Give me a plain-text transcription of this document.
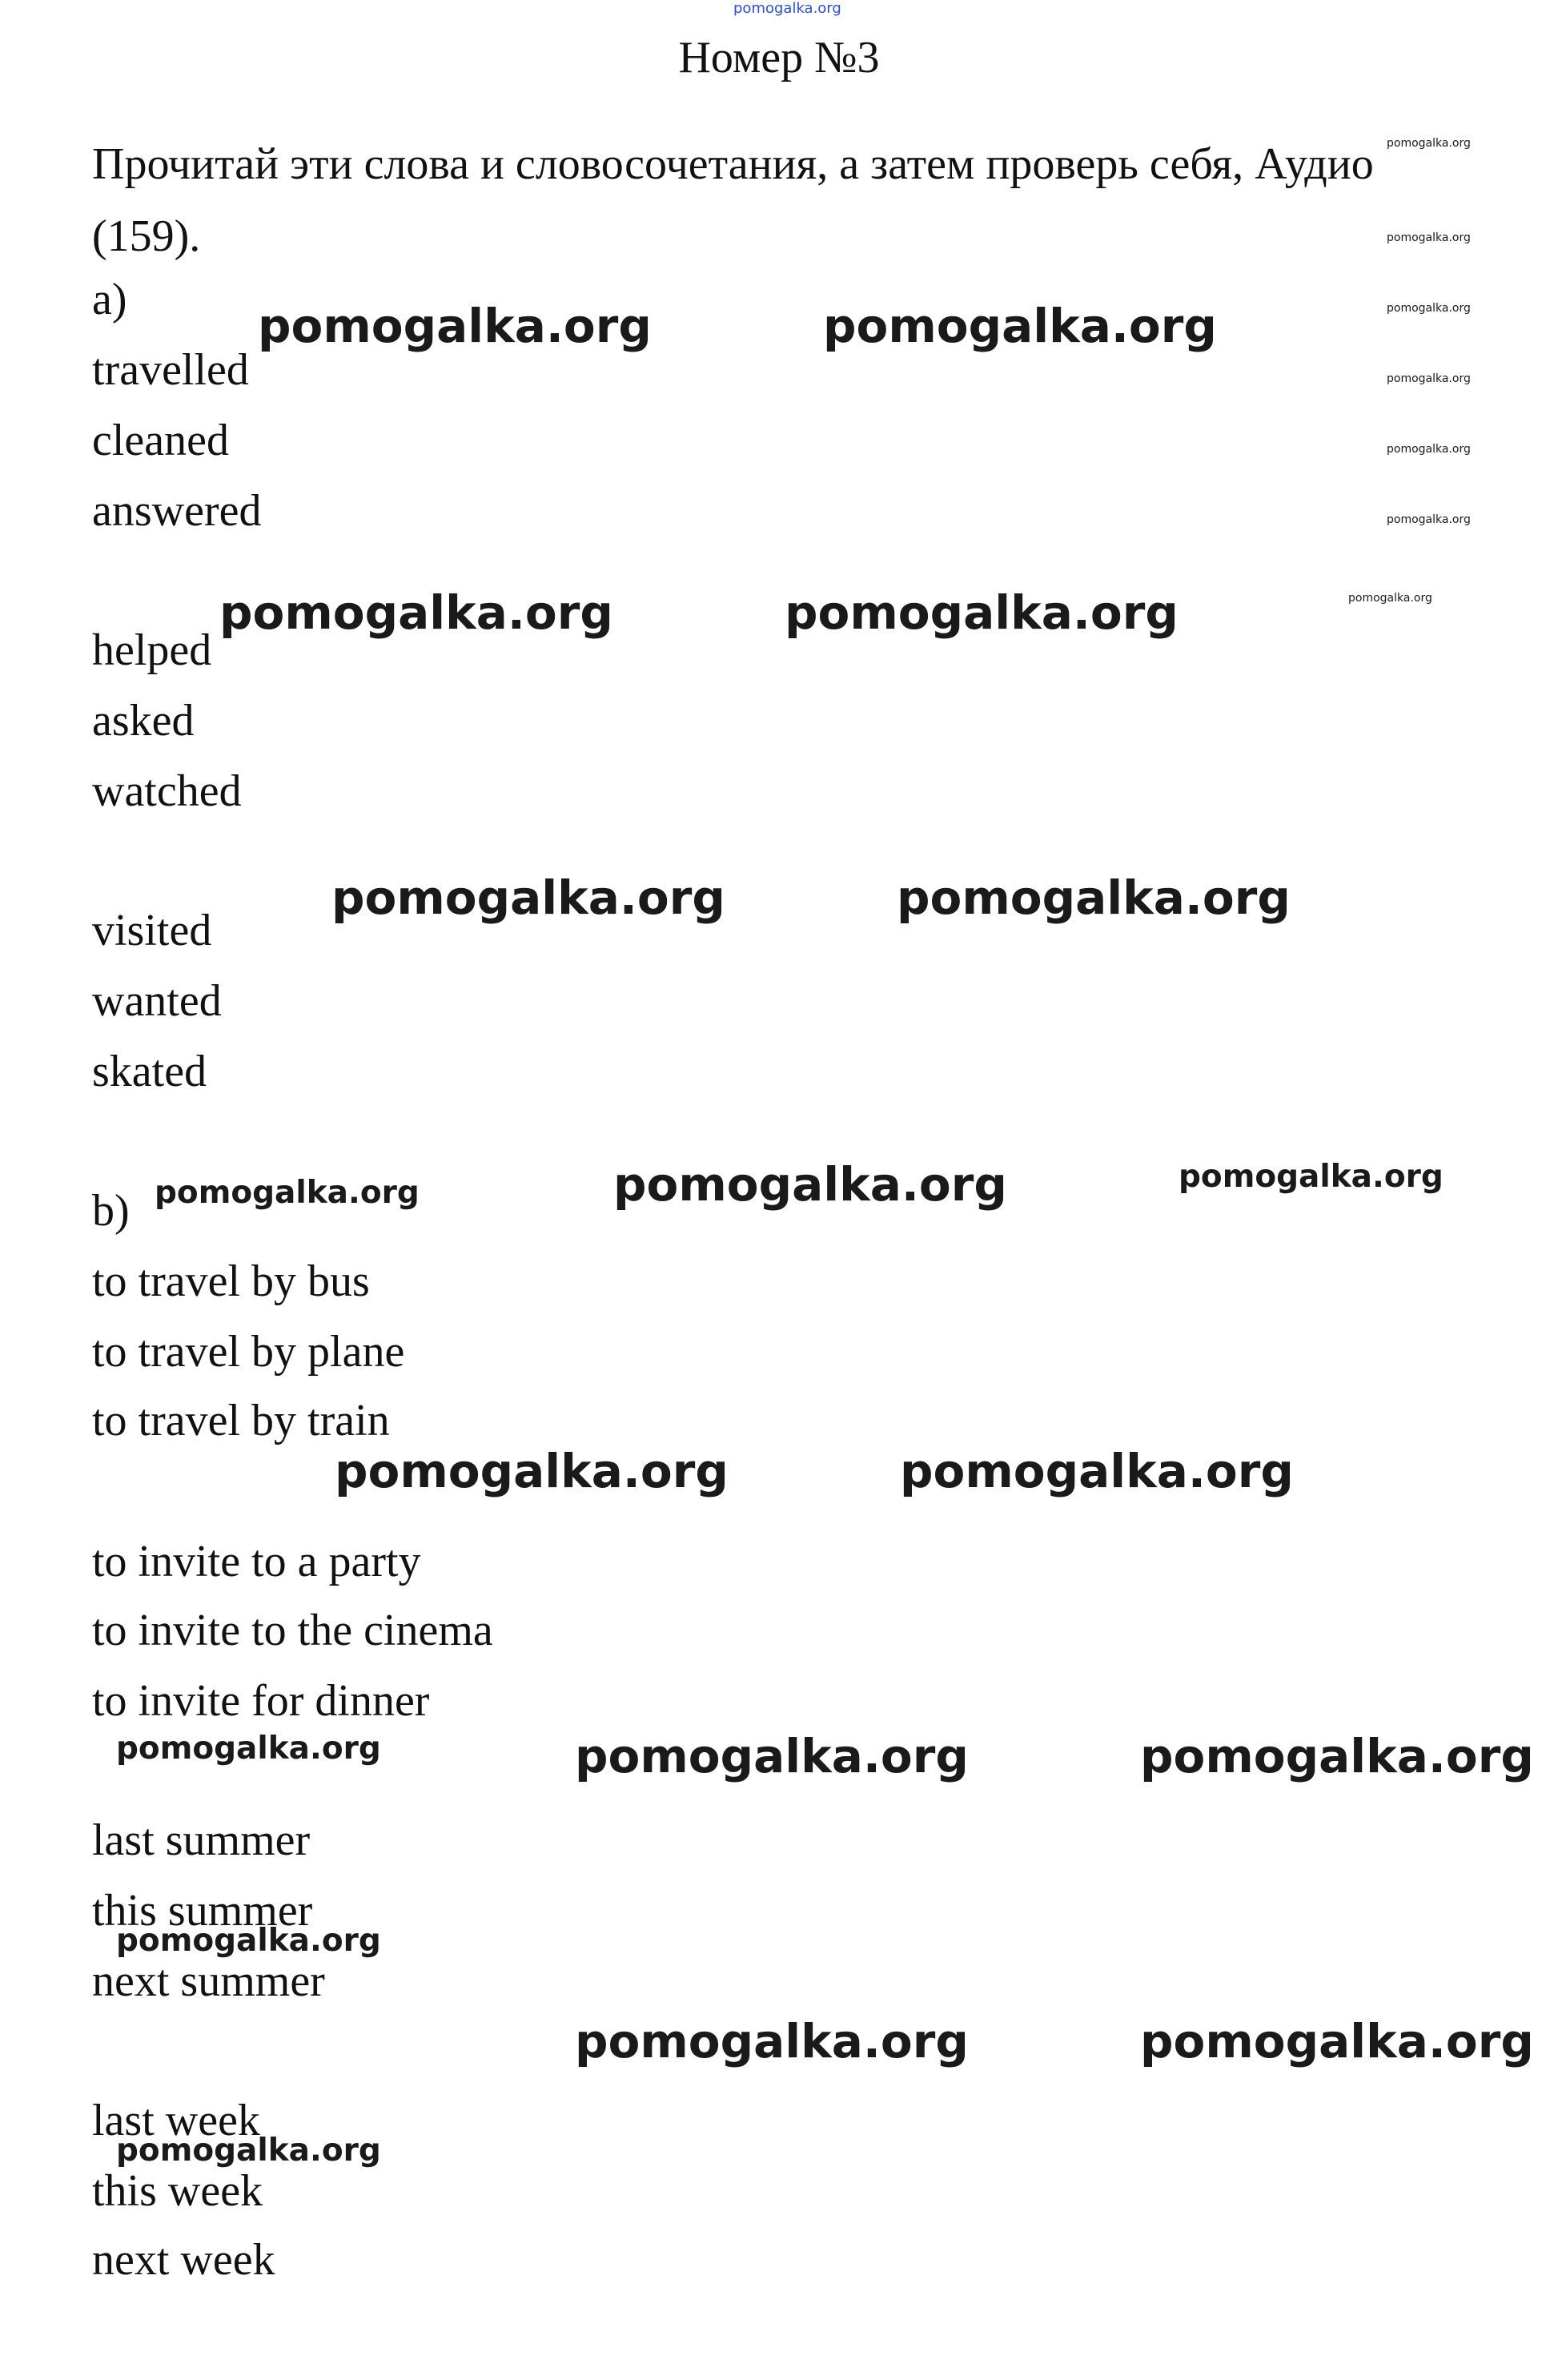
pomogalka.org
Номер №3
Прочитай эти слова и словосочетания, а затем проверь себя, Аудио (159).
a)
travelled
cleaned
answered
helped
asked
watched
visited
wanted
skated
b)
to travel by bus
to travel by plane
to travel by train
to invite to a party
to invite to the cinema
to invite for dinner
last summer
this summer
next summer
last week
this week
next week
pomogalka.org	pomogalka.org
pomogalka.org	pomogalka.org
pomogalka.org	pomogalka.org
pomogalka.org
pomogalka.org	pomogalka.org
pomogalka.org	pomogalka.org
pomogalka.org	pomogalka.org
pomogalka.org	pomogalka.org
pomogalka.org
pomogalka.org
pomogalka.org
pomogalka.org
pomogalka.org
pomogalka.org
pomogalka.org
pomogalka.org
pomogalka.org
pomogalka.org
